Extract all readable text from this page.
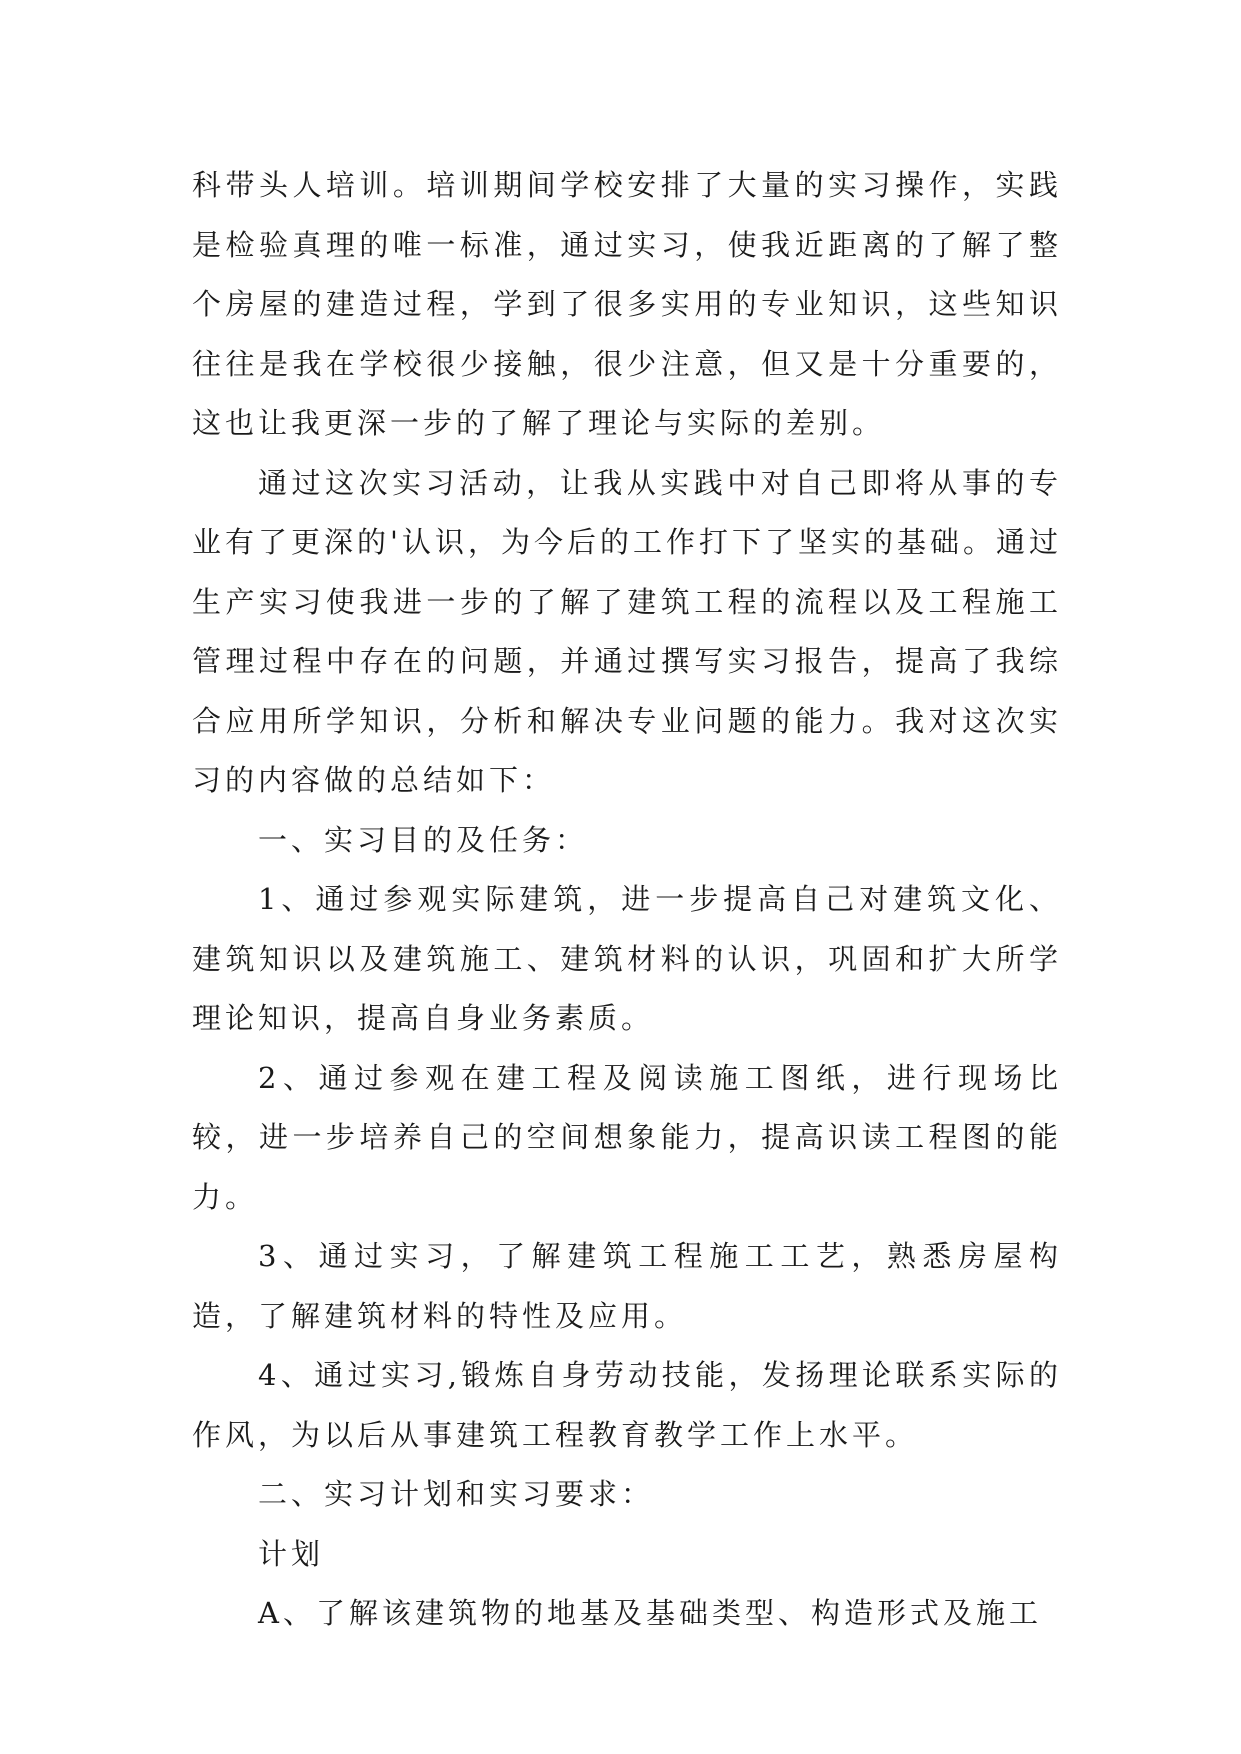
科带头人培训。培训期间学校安排了大量的实习操作，实践是检验真理的唯一标准，通过实习，使我近距离的了解了整个房屋的建造过程，学到了很多实用的专业知识，这些知识往往是我在学校很少接触，很少注意，但又是十分重要的，这也让我更深一步的了解了理论与实际的差别。

通过这次实习活动，让我从实践中对自己即将从事的专业有了更深的'认识，为今后的工作打下了坚实的基础。通过生产实习使我进一步的了解了建筑工程的流程以及工程施工管理过程中存在的问题，并通过撰写实习报告，提高了我综合应用所学知识，分析和解决专业问题的能力。我对这次实习的内容做的总结如下：

一、实习目的及任务：

1、通过参观实际建筑，进一步提高自己对建筑文化、建筑知识以及建筑施工、建筑材料的认识，巩固和扩大所学理论知识，提高自身业务素质。

2、通过参观在建工程及阅读施工图纸，进行现场比较，进一步培养自己的空间想象能力，提高识读工程图的能力。

3、通过实习，了解建筑工程施工工艺，熟悉房屋构造，了解建筑材料的特性及应用。

4、通过实习,锻炼自身劳动技能，发扬理论联系实际的作风，为以后从事建筑工程教育教学工作上水平。

二、实习计划和实习要求：

计划

A、了解该建筑物的地基及基础类型、构造形式及施工
